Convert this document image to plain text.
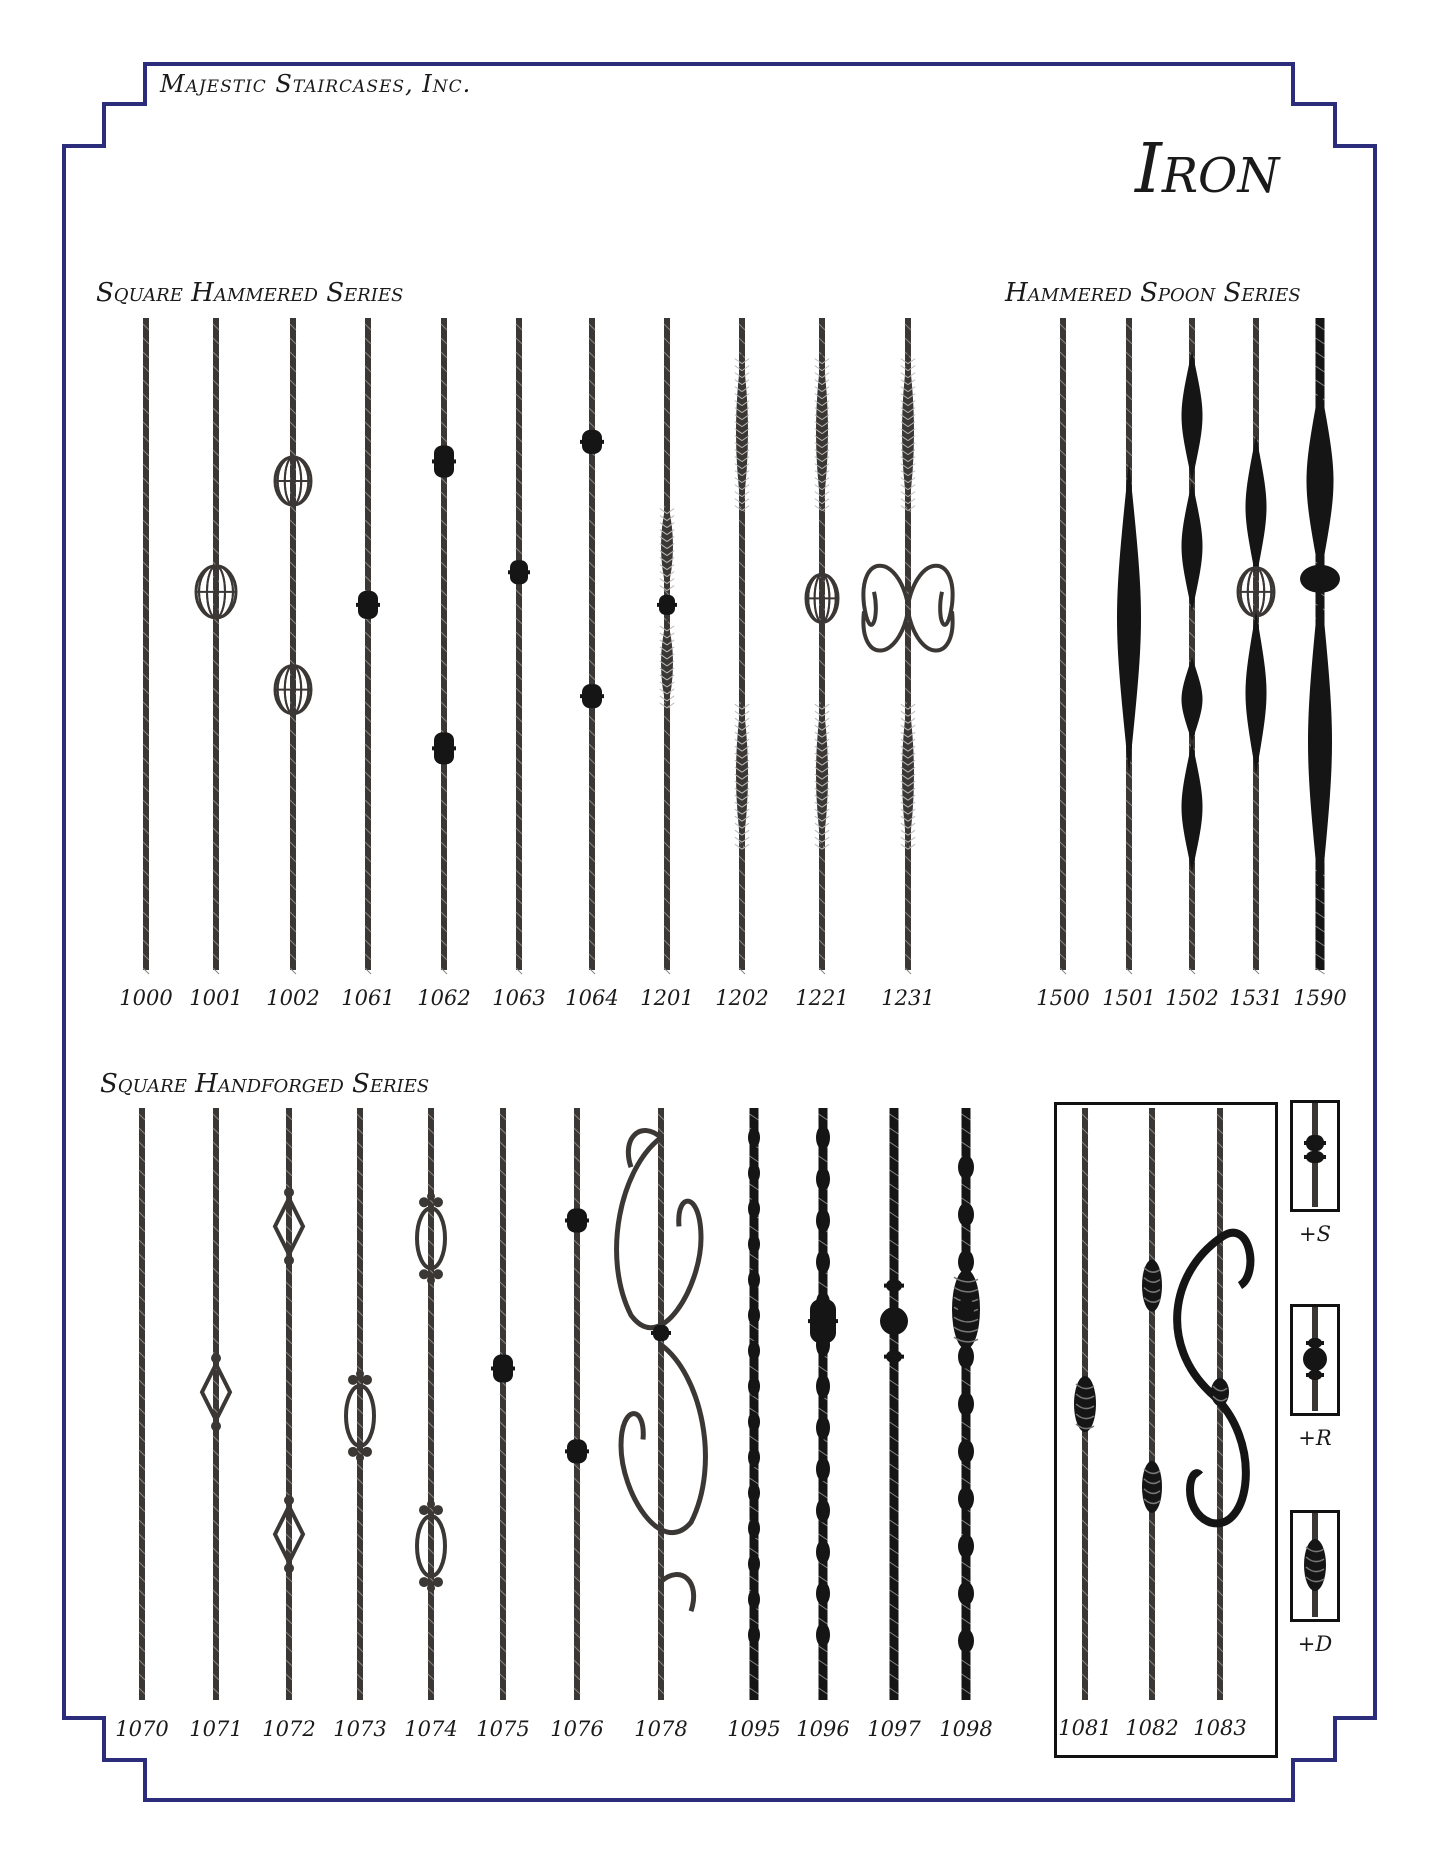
Majestic Staircases, Inc.
Iron
Square Hammered Series	Hammered Spoon Series
Square Handforged Series
1000 1001	1002	1061	1062	1063 1064	1201	1202	1221	1231	1500 1501 1502 1531 1590
1070 1071 1072 1073 1074 1075 1076	1078	1095 1096 1097 1098	1081 1082 1083
+S
+R
+D
